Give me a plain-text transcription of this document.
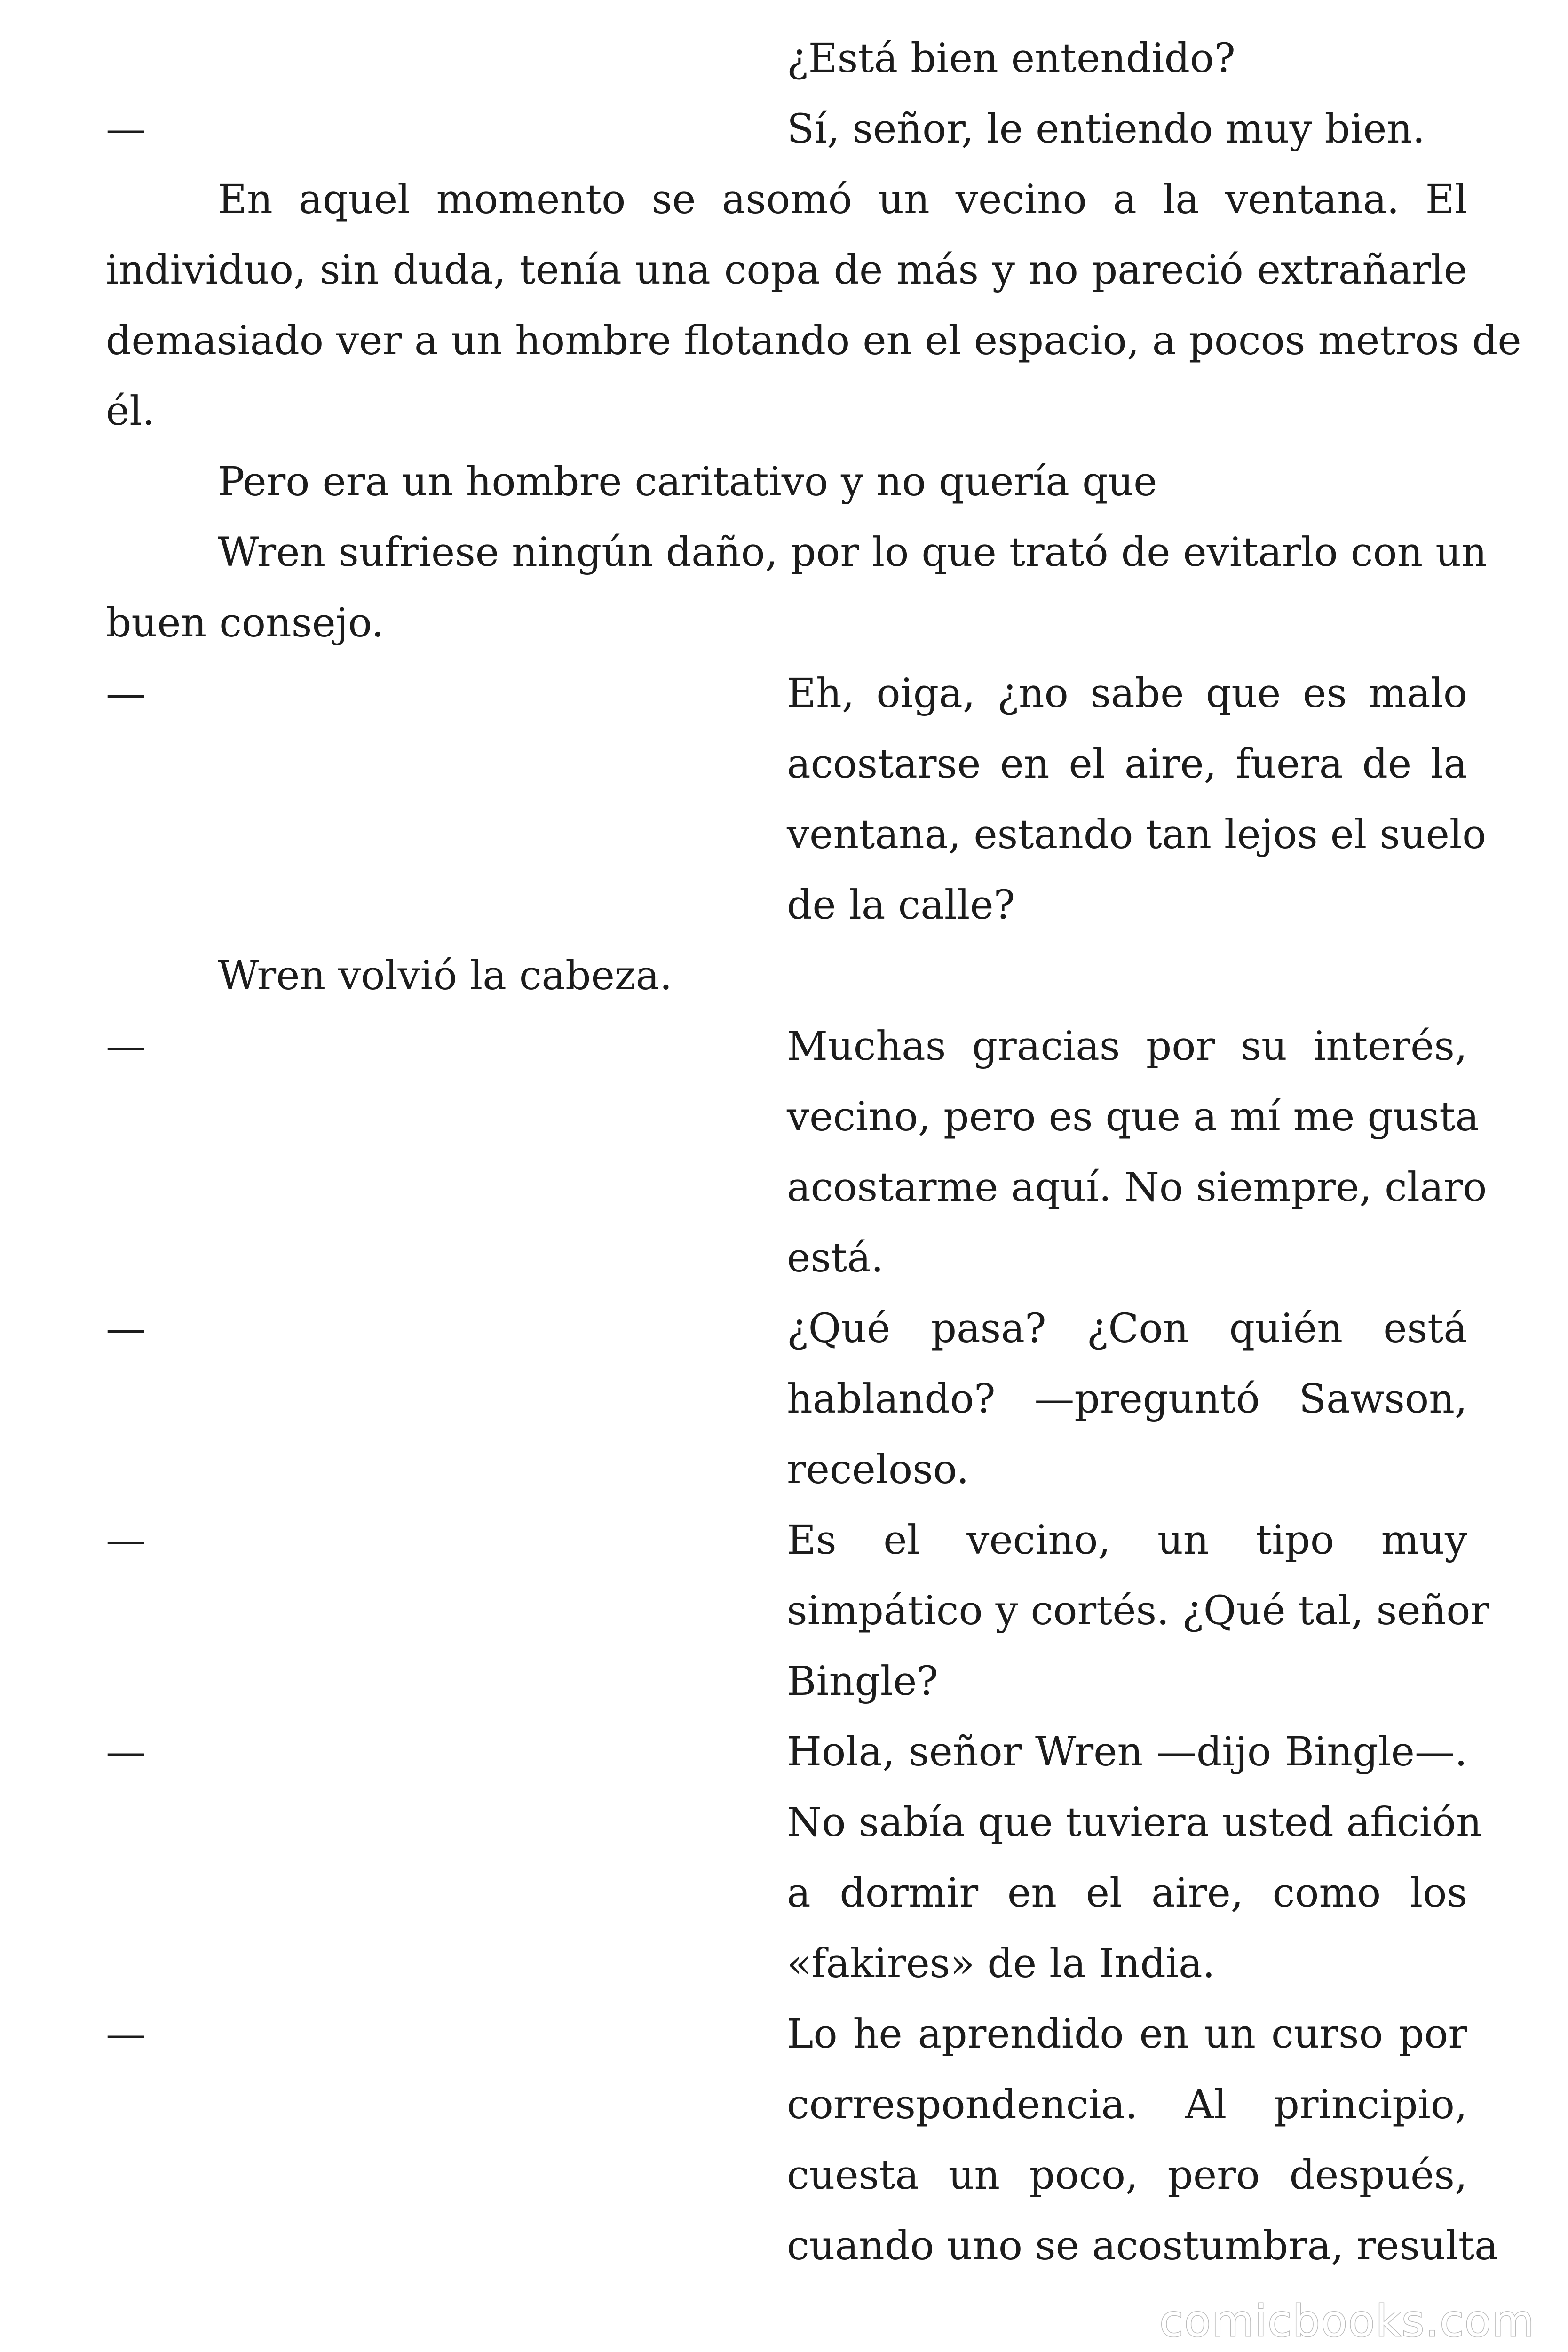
¿Está bien entendido?
—	Sí, señor, le entiendo muy bien.
En aquel momento se asomó un vecino a la ventana. El
individuo, sin duda, tenía una copa de más y no pareció extrañarle
demasiado ver a un hombre flotando en el espacio, a pocos metros de
él.
Pero era un hombre caritativo y no quería que
Wren sufriese ningún daño, por lo que trató de evitarlo con un
buen consejo.
—	Eh, oiga, ¿no sabe que es malo
acostarse en el aire, fuera de la
ventana, estando tan lejos el suelo
de la calle?
Wren volvió la cabeza.
—	Muchas gracias por su interés,
vecino, pero es que a mí me gusta
acostarme aquí. No siempre, claro
está.
—	¿Qué pasa? ¿Con quién está
hablando? —preguntó Sawson,
receloso.
—	Es el vecino, un tipo muy
simpático y cortés. ¿Qué tal, señor
Bingle?
—	Hola, señor Wren —dijo Bingle—.
No sabía que tuviera usted afición
a dormir en el aire, como los
«fakires» de la India.
—	Lo he aprendido en un curso por
correspondencia. Al principio,
cuesta un poco, pero después,
cuando uno se acostumbra, resulta
comicbooks.com
